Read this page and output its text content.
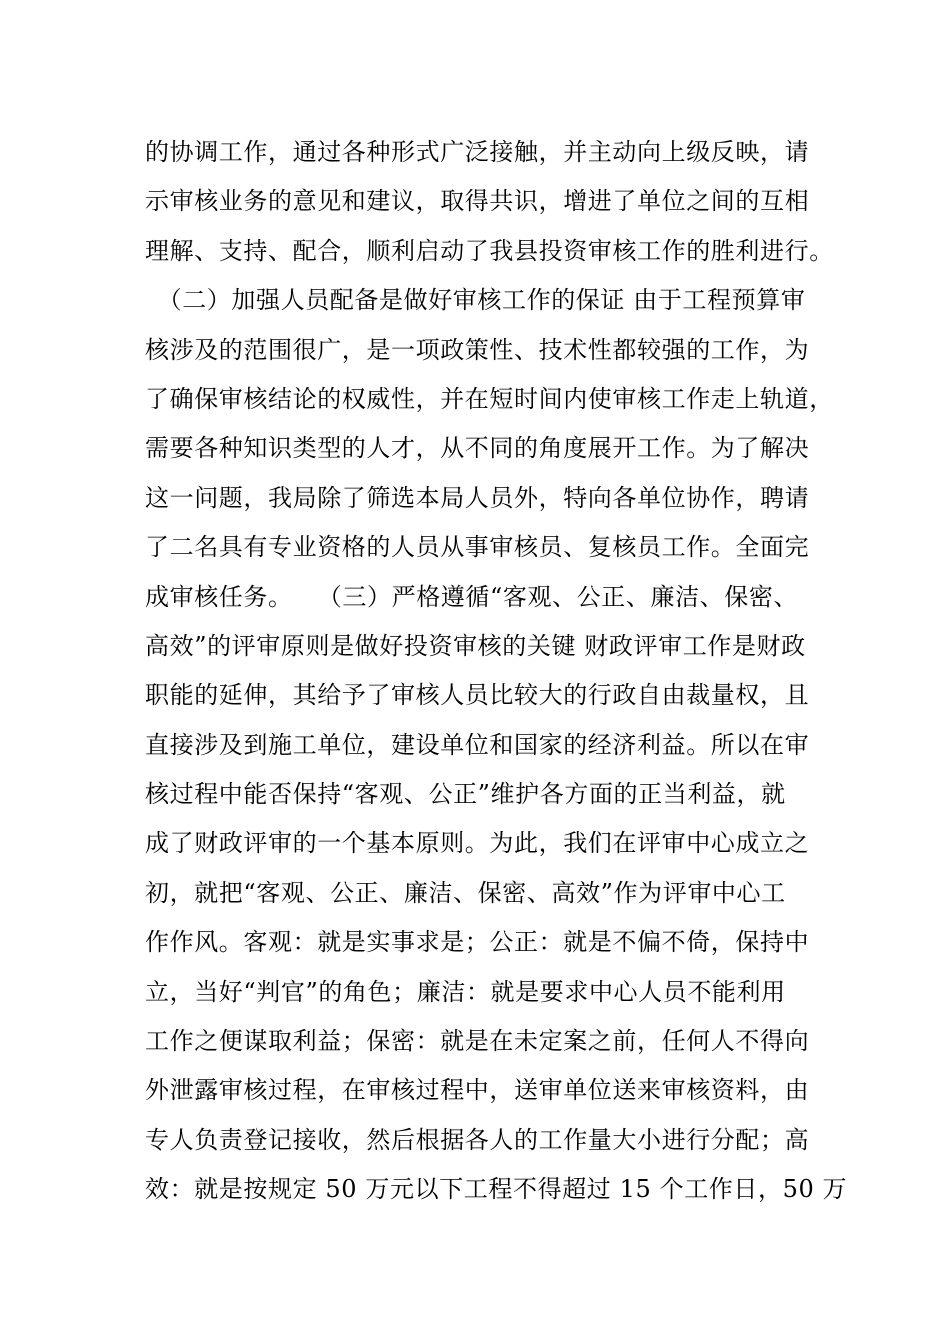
的协调工作，通过各种形式广泛接触，并主动向上级反映，请
示审核业务的意见和建议，取得共识，增进了单位之间的互相
理解、支持、配合，顺利启动了我县投资审核工作的胜利进行。
　（二）加强人员配备是做好审核工作的保证 由于工程预算审
核涉及的范围很广，是一项政策性、技术性都较强的工作，为
了确保审核结论的权威性，并在短时间内使审核工作走上轨道，
需要各种知识类型的人才，从不同的角度展开工作。为了解决
这一问题，我局除了筛选本局人员外，特向各单位协作，聘请
了二名具有专业资格的人员从事审核员、复核员工作。全面完
成审核任务。　　（三）严格遵循“客观、公正、廉洁、保密、
高效”的评审原则是做好投资审核的关键 财政评审工作是财政
职能的延伸，其给予了审核人员比较大的行政自由裁量权，且
直接涉及到施工单位，建设单位和国家的经济利益。所以在审
核过程中能否保持“客观、公正”维护各方面的正当利益，就
成了财政评审的一个基本原则。为此，我们在评审中心成立之
初，就把“客观、公正、廉洁、保密、高效”作为评审中心工
作作风。客观：就是实事求是；公正：就是不偏不倚，保持中
立，当好“判官”的角色；廉洁：就是要求中心人员不能利用
工作之便谋取利益；保密：就是在未定案之前，任何人不得向
外泄露审核过程，在审核过程中，送审单位送来审核资料，由
专人负责登记接收，然后根据各人的工作量大小进行分配；高
效：就是按规定 50 万元以下工程不得超过 15 个工作日，50 万
